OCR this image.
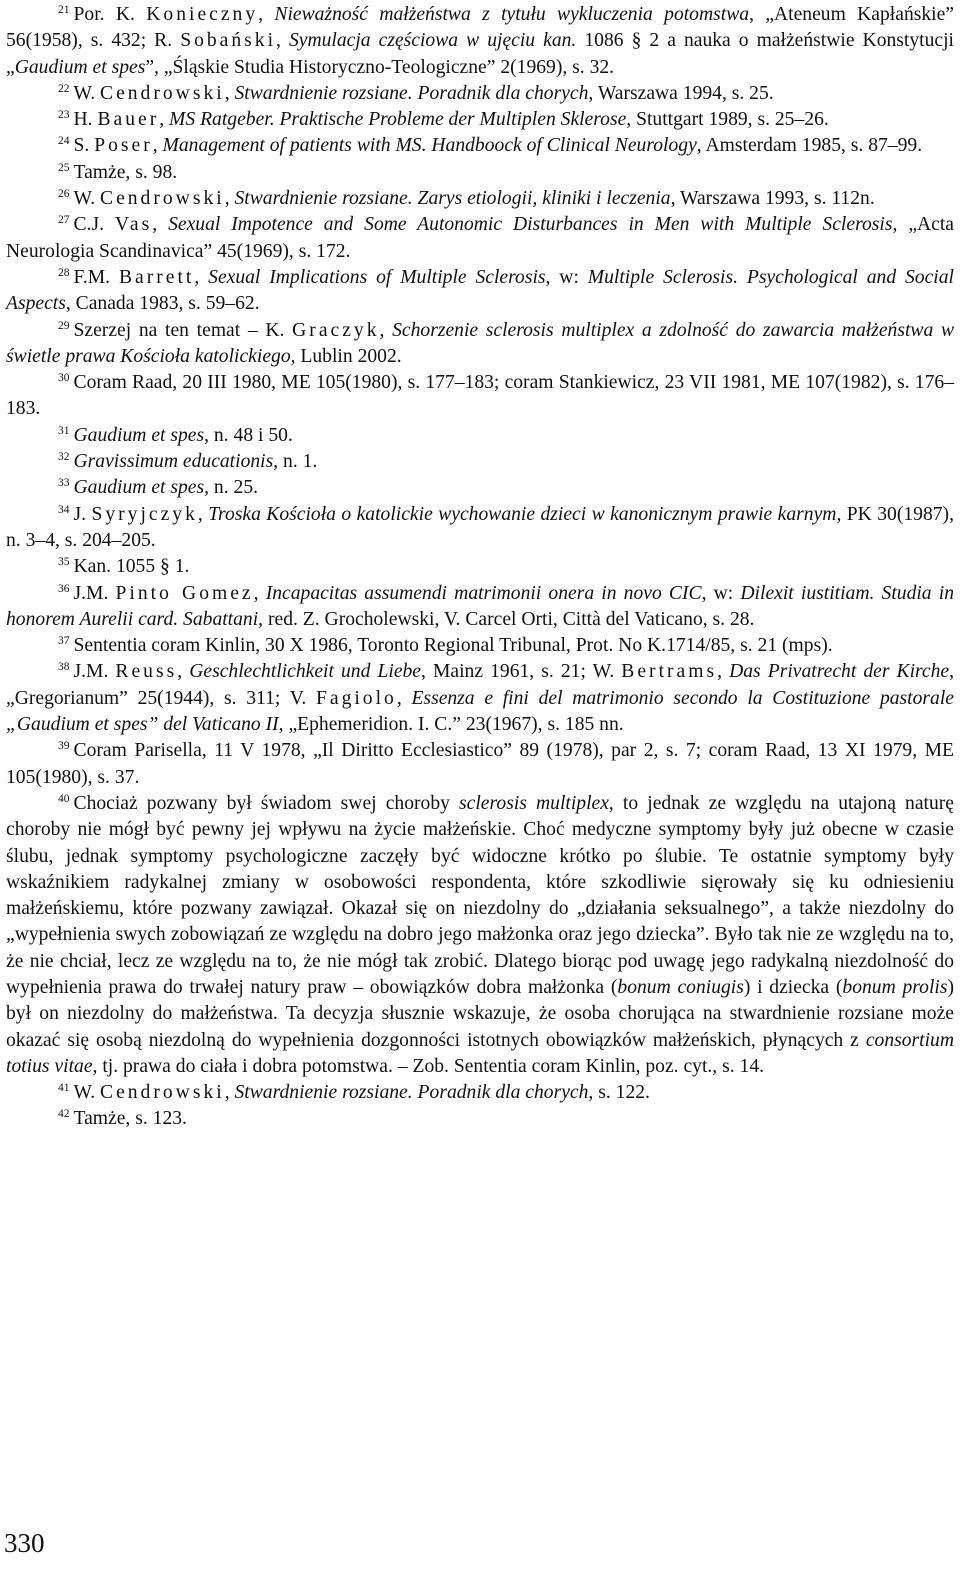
$^{21}$ Por. K. Konieczny, Nieważność małżeństwa z tytułu wykluczenia potomstwa, „Ateneum Kapłańskie” 56(1958), s. 432; R. Sobański, Symulacja częściowa w ujęciu kan. 1086 § 2 a nauka o małżeństwie Konstytucji „Gaudium et spes”, „Śląskie Studia Historyczno-Teologiczne” 2(1969), s. 32.

$^{22}$ W. Cendrowski, Stwardnienie rozsiane. Poradnik dla chorych, Warszawa 1994, s. 25.

$^{23}$ H. Bauer, MS Ratgeber. Praktische Probleme der Multiplen Sklerose, Stuttgart 1989, s. 25–26.

$^{24}$ S. Poser, Management of patients with MS. Handboock of Clinical Neurology, Amsterdam 1985, s. 87–99.

$^{25}$ Tamże, s. 98.

$^{26}$ W. Cendrowski, Stwardnienie rozsiane. Zarys etiologii, kliniki i leczenia, Warszawa 1993, s. 112n.

$^{27}$ C.J. Vas, Sexual Impotence and Some Autonomic Disturbances in Men with Multiple Sclerosis, „Acta Neurologia Scandinavica” 45(1969), s. 172.

$^{28}$ F.M. Barrett, Sexual Implications of Multiple Sclerosis, w: Multiple Sclerosis. Psychological and Social Aspects, Canada 1983, s. 59–62.

$^{29}$ Szerzej na ten temat – K. Graczyk, Schorzenie sclerosis multiplex a zdolność do zawarcia małżeństwa w świetle prawa Kościoła katolickiego, Lublin 2002.

$^{30}$ Coram Raad, 20 III 1980, ME 105(1980), s. 177–183; coram Stankiewicz, 23 VII 1981, ME 107(1982), s. 176–183.

$^{31}$ Gaudium et spes, n. 48 i 50.

$^{32}$ Gravissimum educationis, n. 1.

$^{33}$ Gaudium et spes, n. 25.

$^{34}$ J. Syryjczyk, Troska Kościoła o katolickie wychowanie dzieci w kanonicznym prawie karnym, PK 30(1987), n. 3–4, s. 204–205.

$^{35}$ Kan. 1055 § 1.

$^{36}$ J.M. Pinto Gomez, Incapacitas assumendi matrimonii onera in novo CIC, w: Dilexit iustitiam. Studia in honorem Aurelii card. Sabattani, red. Z. Grocholewski, V. Carcel Orti, Città del Vaticano, s. 28.

$^{37}$ Sententia coram Kinlin, 30 X 1986, Toronto Regional Tribunal, Prot. No K.1714/85, s. 21 (mps).

$^{38}$ J.M. Reuss, Geschlechtlichkeit und Liebe, Mainz 1961, s. 21; W. Bertrams, Das Privatrecht der Kirche, „Gregorianum” 25(1944), s. 311; V. Fagiolo, Essenza e fini del matrimonio secondo la Costituzione pastorale „Gaudium et spes” del Vaticano II, „Ephemeridion. I. C.” 23(1967), s. 185 nn.

$^{39}$ Coram Parisella, 11 V 1978, „Il Diritto Ecclesiastico” 89 (1978), par 2, s. 7; coram Raad, 13 XI 1979, ME 105(1980), s. 37.

$^{40}$ Chociaż pozwany był świadom swej choroby sclerosis multiplex, to jednak ze względu na utajoną naturę choroby nie mógł być pewny jej wpływu na życie małżeńskie. Choć medyczne symptomy były już obecne w czasie ślubu, jednak symptomy psychologiczne zaczęły być widoczne krótko po ślubie. Te ostatnie symptomy były wskaźnikiem radykalnej zmiany w osobowości respondenta, które szkodliwie sięrowały się ku odniesieniu małżeńskiemu, które pozwany zawiązał. Okazał się on niezdolny do „działania seksualnego”, a także niezdolny do „wypełnienia swych zobowiązań ze względu na dobro jego małżonka oraz jego dziecka”. Było tak nie ze względu na to, że nie chciał, lecz ze względu na to, że nie mógł tak zrobić. Dlatego biorąc pod uwagę jego radykalną niezdolność do wypełnienia prawa do trwałej natury praw – obowiązków dobra małżonka (bonum coniugis) i dziecka (bonum prolis) był on niezdolny do małżeństwa. Ta decyzja słusznie wskazuje, że osoba chorująca na stwardnienie rozsiane może okazać się osobą niezdolną do wypełnienia dozgonności istotnych obowiązków małżeńskich, płynących z consortium totius vitae, tj. prawa do ciała i dobra potomstwa. – Zob. Sententia coram Kinlin, poz. cyt., s. 14.

$^{41}$ W. Cendrowski, Stwardnienie rozsiane. Poradnik dla chorych, s. 122.

$^{42}$ Tamże, s. 123.

330
